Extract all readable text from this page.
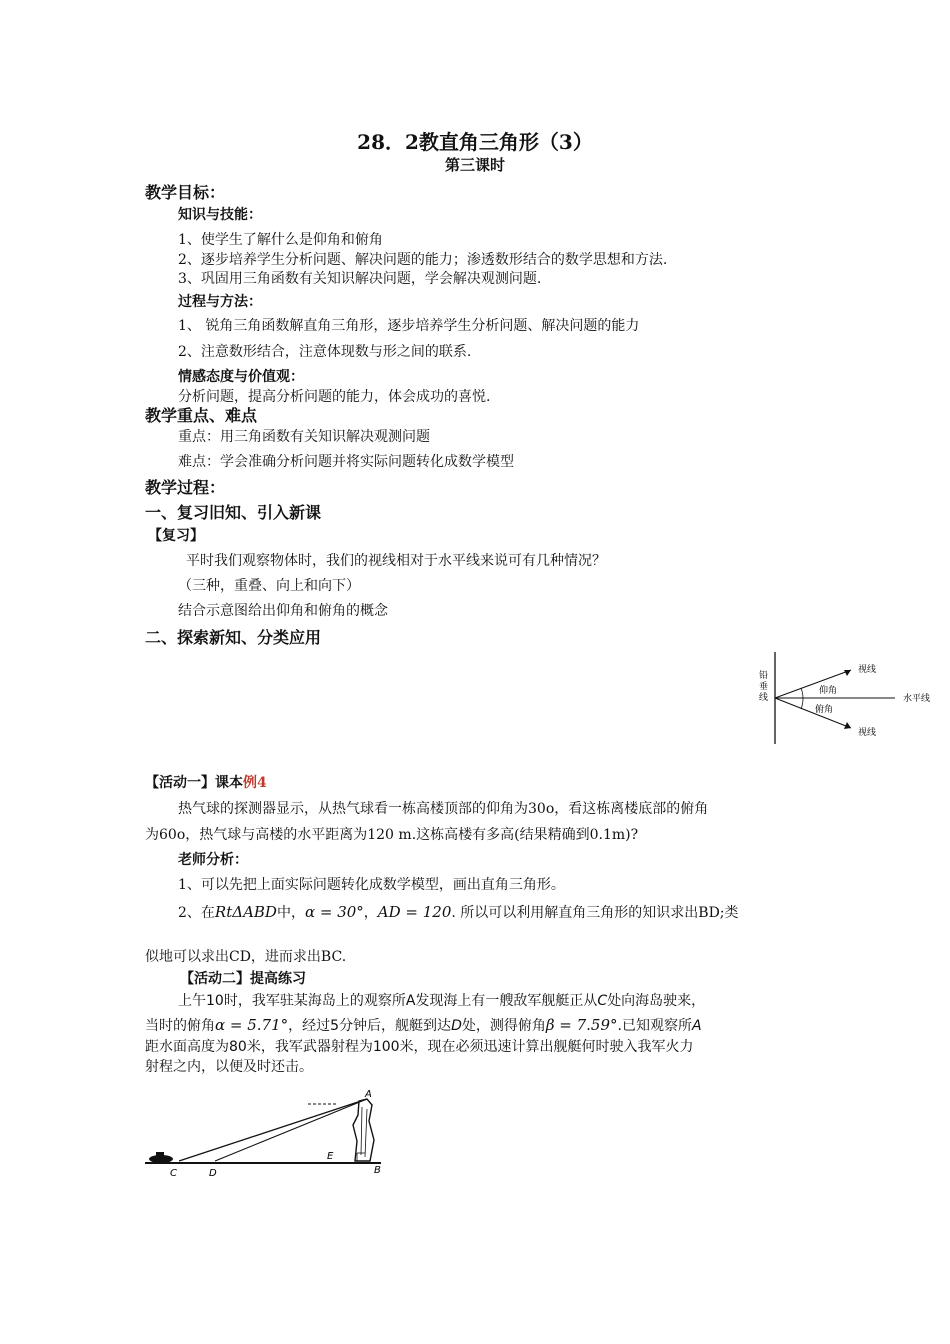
28．2教直角三角形（3）
第三课时
教学目标：
知识与技能：
1、使学生了解什么是仰角和俯角
2、逐步培养学生分析问题、解决问题的能力；渗透数形结合的数学思想和方法.
3、巩固用三角函数有关知识解决问题，学会解决观测问题.
过程与方法：
1、 锐角三角函数解直角三角形，逐步培养学生分析问题、解决问题的能力
2、注意数形结合，注意体现数与形之间的联系.
情感态度与价值观：
分析问题，提高分析问题的能力，体会成功的喜悦.
教学重点、难点
重点：用三角函数有关知识解决观测问题
难点：学会准确分析问题并将实际问题转化成数学模型
教学过程：
一、复习旧知、引入新课
【复习】
平时我们观察物体时，我们的视线相对于水平线来说可有几种情况？
（三种，重叠、向上和向下）
结合示意图给出仰角和俯角的概念
二、探索新知、分类应用
铅
垂
线
视线
仰角
俯角
水平线
视线
【活动一】课本例4
热气球的探测器显示，从热气球看一栋高楼顶部的仰角为30o，看这栋离楼底部的俯角
为60o，热气球与高楼的水平距离为120 m.这栋高楼有多高(结果精确到0.1m)?
老师分析：
1、可以先把上面实际问题转化成数学模型，画出直角三角形。
2、在RtΔABD中，α = 30°，AD = 120. 所以可以利用解直角三角形的知识求出BD;类
似地可以求出CD，进而求出BC.
【活动二】提高练习
上午10时，我军驻某海岛上的观察所A发现海上有一艘敌军舰艇正从C处向海岛驶来，
当时的俯角α = 5.71°，经过5分钟后，舰艇到达D处，测得俯角β = 7.59°.已知观察所A
距水面高度为80米，我军武器射程为100米，现在必须迅速计算出舰艇何时驶入我军火力
射程之内，以便及时还击。
A
B
C	D
E
